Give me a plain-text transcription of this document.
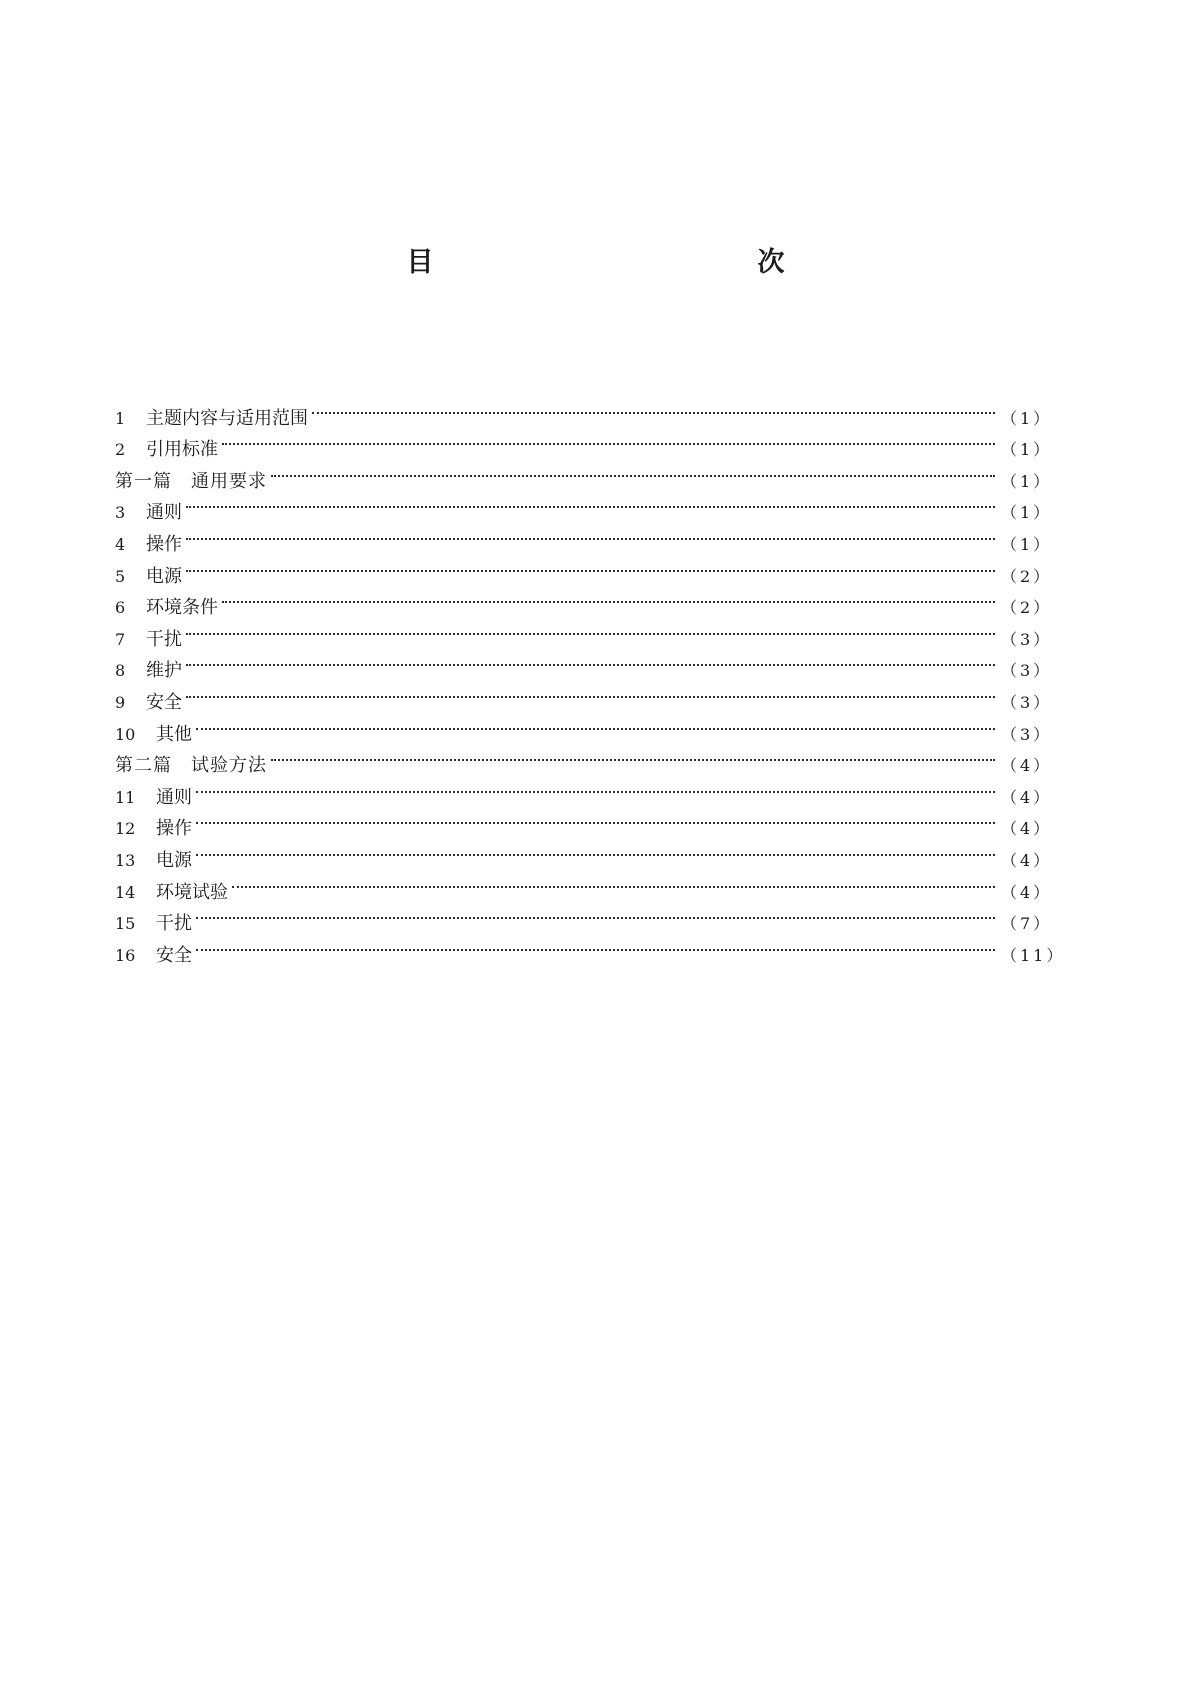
目　　次
1	主题内容与适用范围	（1）
2	引用标准	（1）
第一篇　通用要求	（1）
3	通则	（1）
4	操作	（1）
5	电源	（2）
6	环境条件	（2）
7	干扰	（3）
8	维护	（3）
9	安全	（3）
10	其他	（3）
第二篇　试验方法	（4）
11	通则	（4）
12	操作	（4）
13	电源	（4）
14	环境试验	（4）
15	干扰	（7）
16	安全	（11）
